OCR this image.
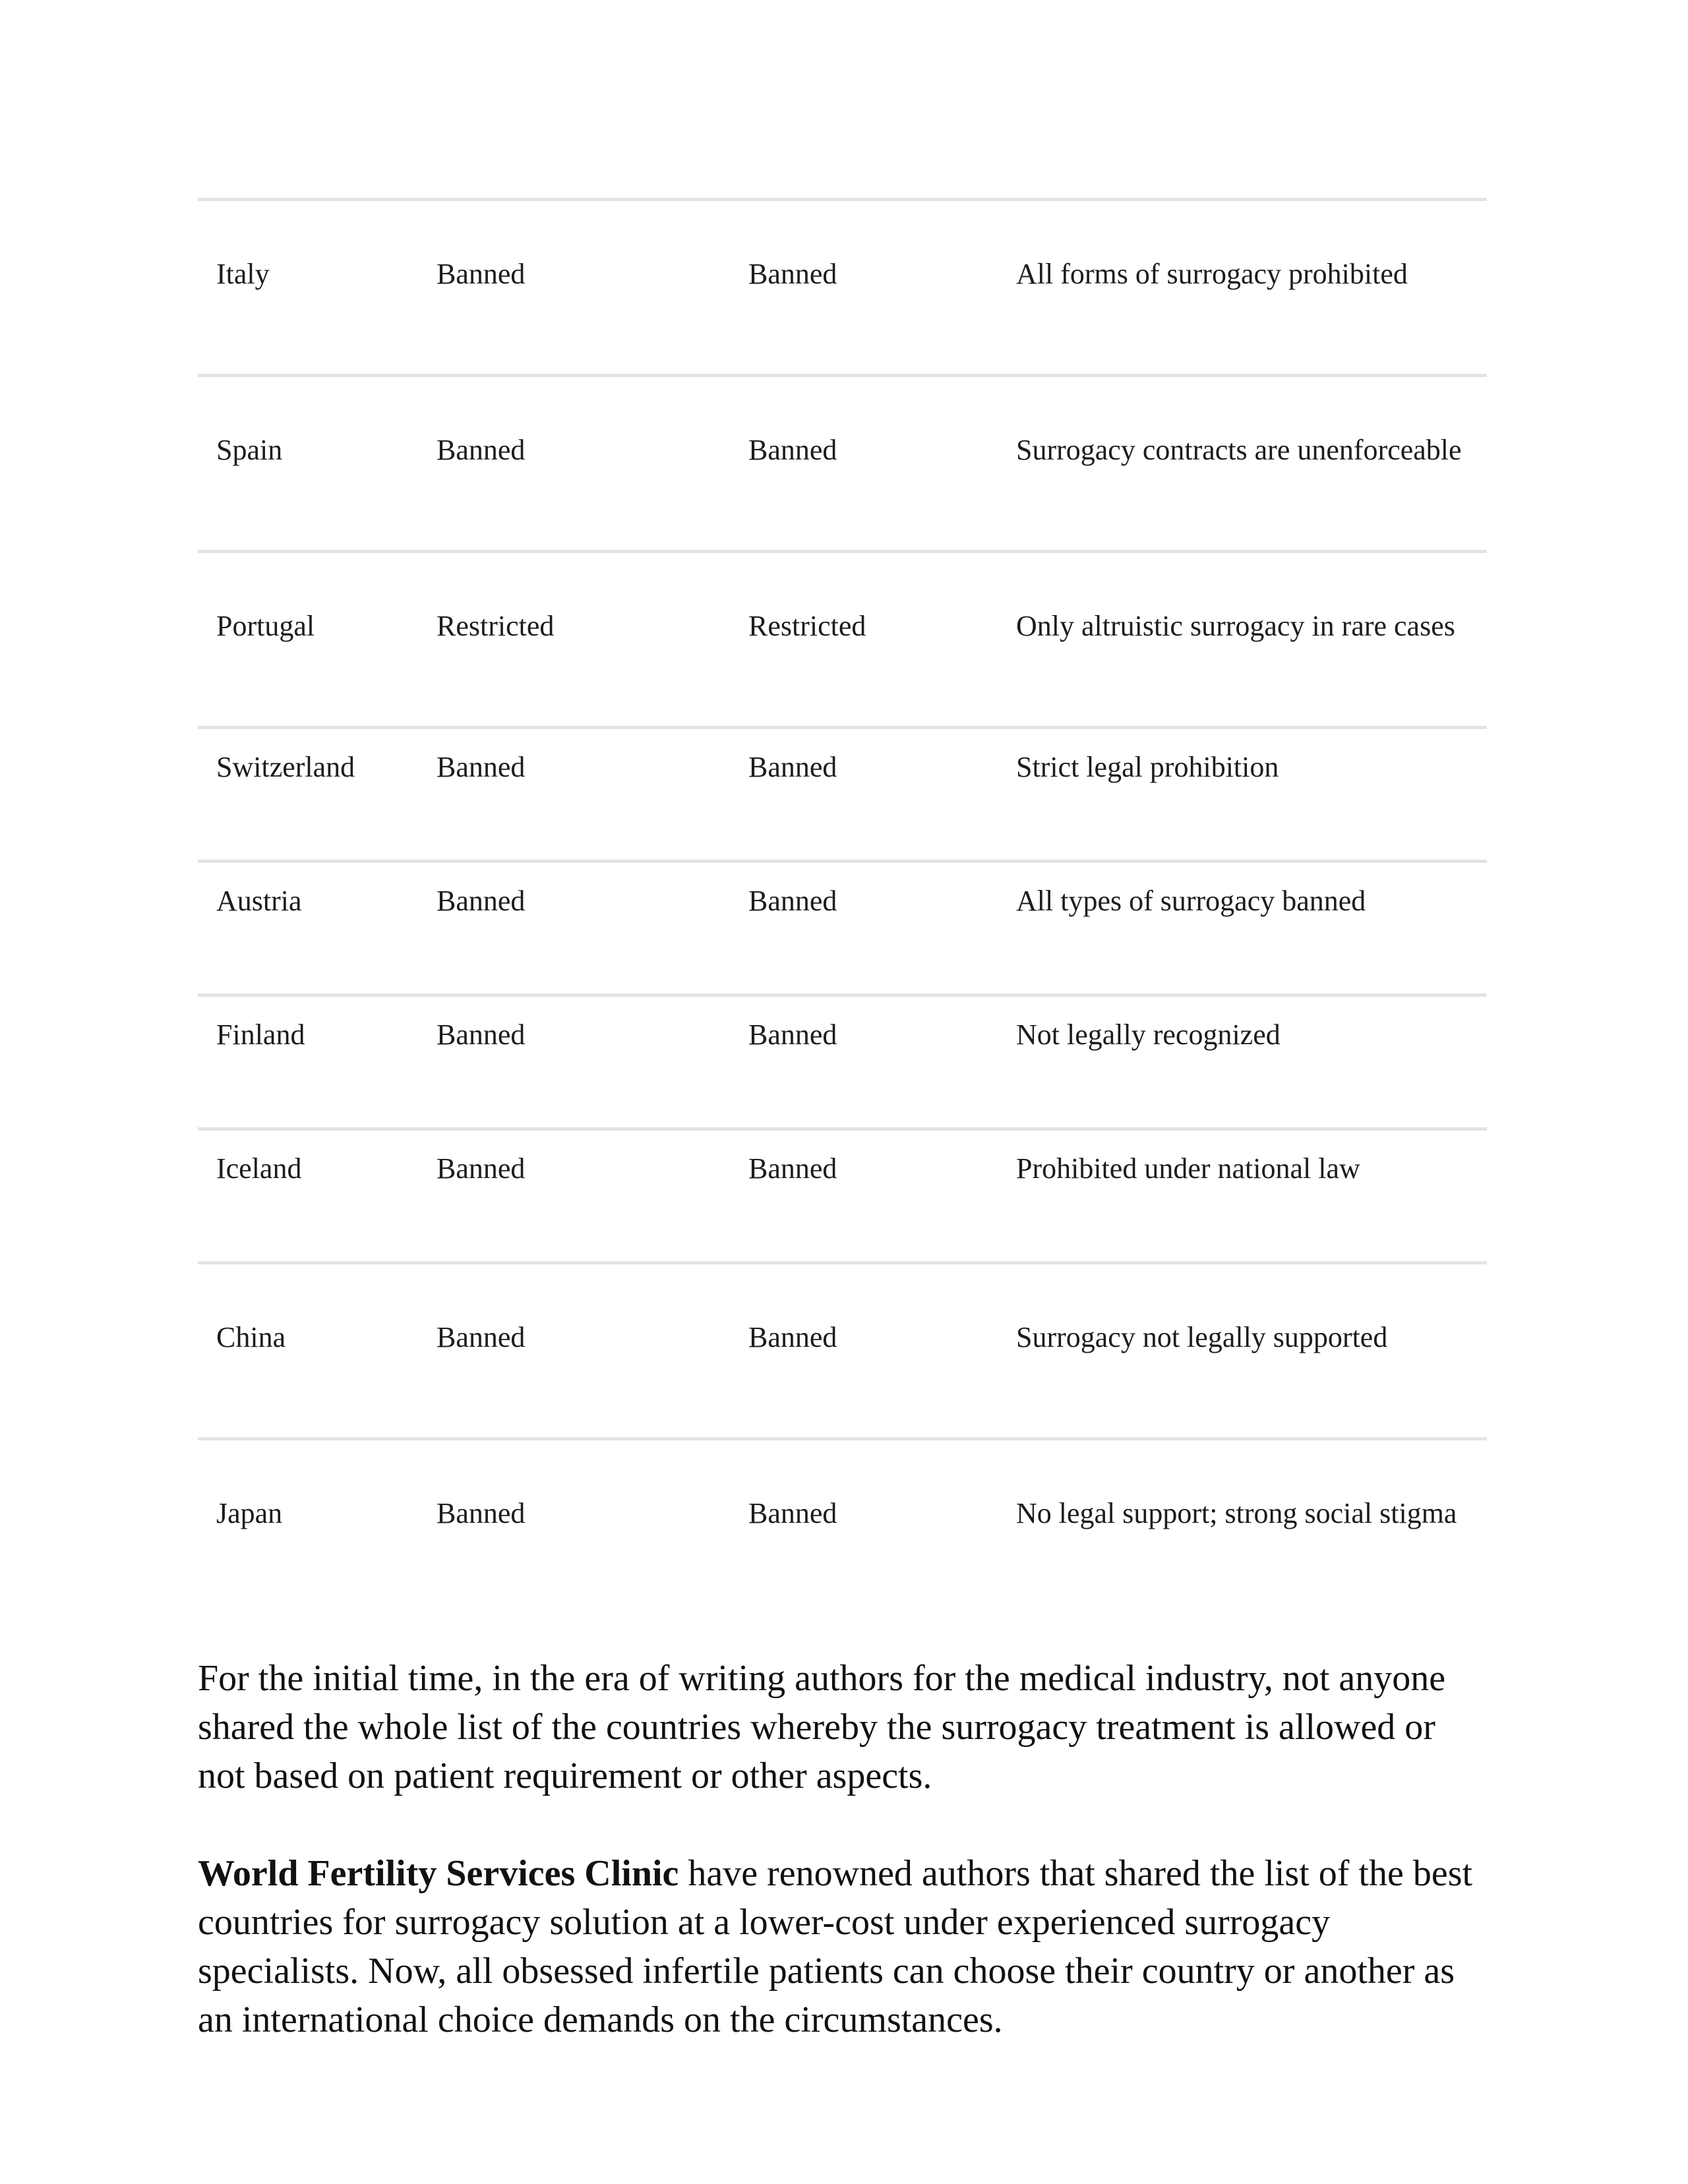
Italy	Banned	Banned	All forms of surrogacy prohibited
Spain	Banned	Banned	Surrogacy contracts are unenforceable
Portugal	Restricted	Restricted	Only altruistic surrogacy in rare cases
Switzerland	Banned	Banned	Strict legal prohibition
Austria	Banned	Banned	All types of surrogacy banned
Finland	Banned	Banned	Not legally recognized
Iceland	Banned	Banned	Prohibited under national law
China	Banned	Banned	Surrogacy not legally supported
Japan	Banned	Banned	No legal support; strong social stigma

For the initial time, in the era of writing authors for the medical industry, not anyone shared the whole list of the countries whereby the surrogacy treatment is allowed or not based on patient requirement or other aspects.

World Fertility Services Clinic have renowned authors that shared the list of the best countries for surrogacy solution at a lower-cost under experienced surrogacy specialists. Now, all obsessed infertile patients can choose their country or another as an international choice demands on the circumstances.
